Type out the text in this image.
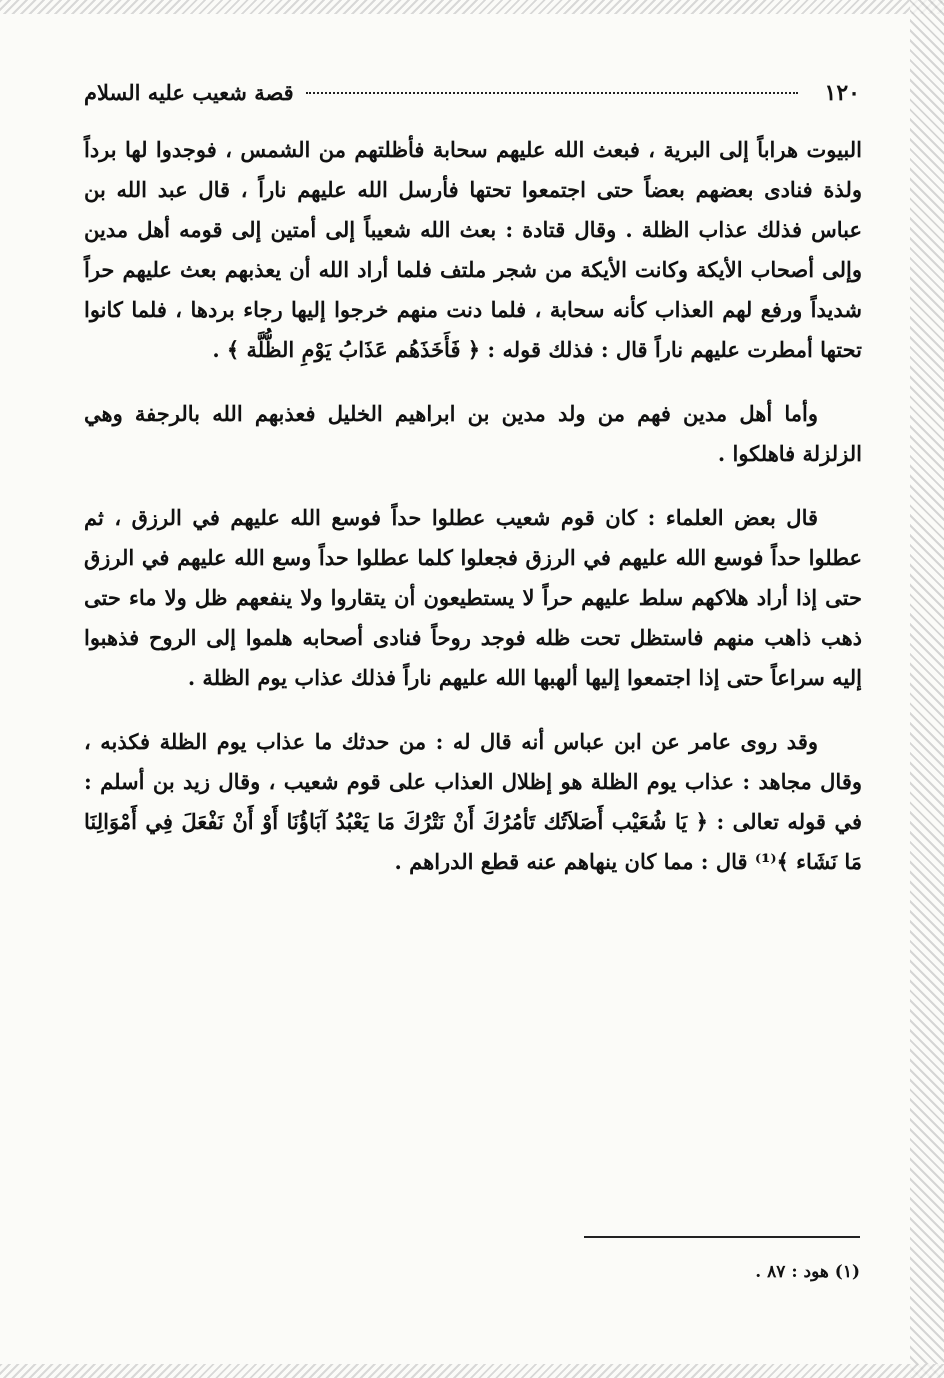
١٢٠
قصة شعيب عليه السلام

البيوت هراباً إلى البرية ، فبعث الله عليهم سحابة فأظلتهم من الشمس ، فوجدوا لها برداً ولذة فنادى بعضهم بعضاً حتى اجتمعوا تحتها فأرسل الله عليهم ناراً ، قال عبد الله بن عباس فذلك عذاب الظلة . وقال قتادة : بعث الله شعيباً إلى أمتين إلى قومه أهل مدين وإلى أصحاب الأيكة وكانت الأيكة من شجر ملتف فلما أراد الله أن يعذبهم بعث عليهم حراً شديداً ورفع لهم العذاب كأنه سحابة ، فلما دنت منهم خرجوا إليها رجاء بردها ، فلما كانوا تحتها أمطرت عليهم ناراً قال : فذلك قوله : ﴿ فَأَخَذَهُم عَذَابُ يَوْمِ الظُّلَّة ﴾ .

وأما أهل مدين فهم من ولد مدين بن ابراهيم الخليل فعذبهم الله بالرجفة وهي الزلزلة فاهلكوا .

قال بعض العلماء : كان قوم شعيب عطلوا حداً فوسع الله عليهم في الرزق ، ثم عطلوا حداً فوسع الله عليهم في الرزق فجعلوا كلما عطلوا حداً وسع الله عليهم في الرزق حتى إذا أراد هلاكهم سلط عليهم حراً لا يستطيعون أن يتقاروا ولا ينفعهم ظل ولا ماء حتى ذهب ذاهب منهم فاستظل تحت ظله فوجد روحاً فنادى أصحابه هلموا إلى الروح فذهبوا إليه سراعاً حتى إذا اجتمعوا إليها ألهبها الله عليهم ناراً فذلك عذاب يوم الظلة .

وقد روى عامر عن ابن عباس أنه قال له : من حدثك ما عذاب يوم الظلة فكذبه ، وقال مجاهد : عذاب يوم الظلة هو إظلال العذاب على قوم شعيب ، وقال زيد بن أسلم : في قوله تعالى : ﴿ يَا شُعَيْب أَصَلاَتُك تَأمُرُكَ أَنْ نَتْرُكَ مَا يَعْبُدُ آبَاؤُنَا أَوْ أَنْ نَفْعَلَ فِي أَمْوَالِنَا مَا نَشَاء ﴾⁽¹⁾ قال : مما كان ينهاهم عنه قطع الدراهم .

(١) هود : ٨٧ .
